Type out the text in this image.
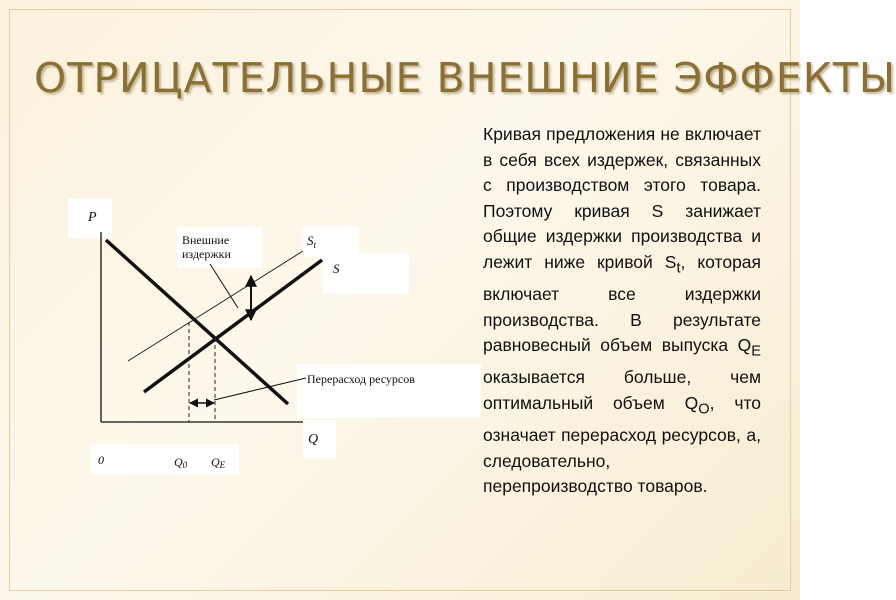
ОТРИЦАТЕЛЬНЫЕ ВНЕШНИЕ ЭФФЕКТЫ
Кривая предложения не включает в себя всех издержек, связанных с производством этого товара. Поэтому кривая S занижает общие издержки производства и лежит ниже кривой $S_t$, которая включает все издержки производства. В результате равновесный объем выпуска $Q_E$ оказывается больше, чем оптимальный объем $Q_O$, что означает перерасход ресурсов, а, следовательно, перепроизводство товаров.
P
Внешние
издержки
$S_t$
S
Перерасход ресурсов
Q
0	Q0 QE
